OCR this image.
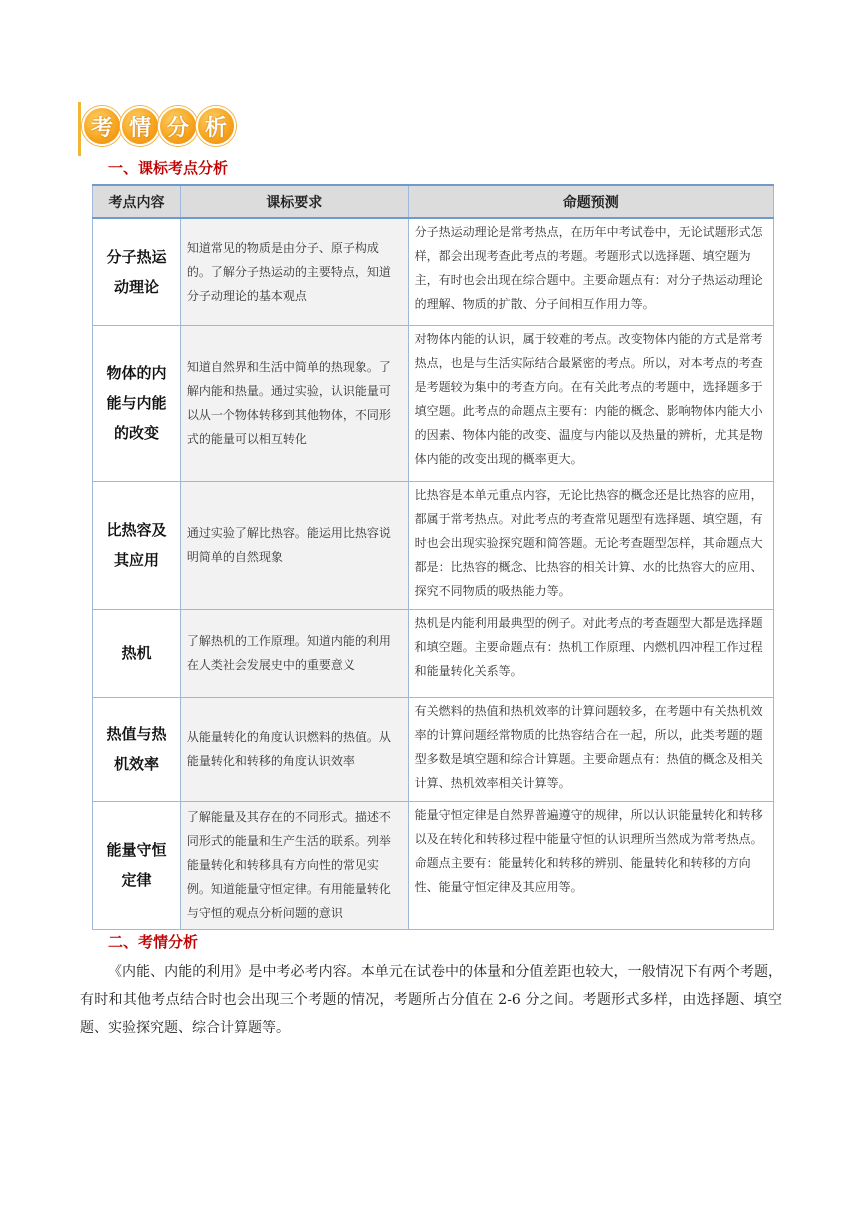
考 情 分 析
一、课标考点分析
考点内容	课标要求	命题预测
分子热运动理论	知道常见的物质是由分子、原子构成的。了解分子热运动的主要特点，知道分子动理论的基本观点	分子热运动理论是常考热点，在历年中考试卷中，无论试题形式怎样，都会出现考查此考点的考题。考题形式以选择题、填空题为主，有时也会出现在综合题中。主要命题点有：对分子热运动理论的理解、物质的扩散、分子间相互作用力等。
物体的内能与内能的改变	知道自然界和生活中简单的热现象。了解内能和热量。通过实验，认识能量可以从一个物体转移到其他物体，不同形式的能量可以相互转化	对物体内能的认识，属于较难的考点。改变物体内能的方式是常考热点，也是与生活实际结合最紧密的考点。所以，对本考点的考查是考题较为集中的考查方向。在有关此考点的考题中，选择题多于填空题。此考点的命题点主要有：内能的概念、影响物体内能大小的因素、物体内能的改变、温度与内能以及热量的辨析，尤其是物体内能的改变出现的概率更大。
比热容及其应用	通过实验了解比热容。能运用比热容说明简单的自然现象	比热容是本单元重点内容，无论比热容的概念还是比热容的应用，都属于常考热点。对此考点的考查常见题型有选择题、填空题，有时也会出现实验探究题和简答题。无论考查题型怎样，其命题点大都是：比热容的概念、比热容的相关计算、水的比热容大的应用、探究不同物质的吸热能力等。
热机	了解热机的工作原理。知道内能的利用在人类社会发展史中的重要意义	热机是内能利用最典型的例子。对此考点的考查题型大都是选择题和填空题。主要命题点有：热机工作原理、内燃机四冲程工作过程和能量转化关系等。
热值与热机效率	从能量转化的角度认识燃料的热值。从能量转化和转移的角度认识效率	有关燃料的热值和热机效率的计算问题较多，在考题中有关热机效率的计算问题经常物质的比热容结合在一起，所以，此类考题的题型多数是填空题和综合计算题。主要命题点有：热值的概念及相关计算、热机效率相关计算等。
能量守恒定律	了解能量及其存在的不同形式。描述不同形式的能量和生产生活的联系。列举能量转化和转移具有方向性的常见实例。知道能量守恒定律。有用能量转化与守恒的观点分析问题的意识	能量守恒定律是自然界普遍遵守的规律，所以认识能量转化和转移以及在转化和转移过程中能量守恒的认识理所当然成为常考热点。命题点主要有：能量转化和转移的辨别、能量转化和转移的方向性、能量守恒定律及其应用等。
二、考情分析

《内能、内能的利用》是中考必考内容。本单元在试卷中的体量和分值差距也较大，一般情况下有两个考题，有时和其他考点结合时也会出现三个考题的情况，考题所占分值在 2-6 分之间。考题形式多样，由选择题、填空题、实验探究题、综合计算题等。
